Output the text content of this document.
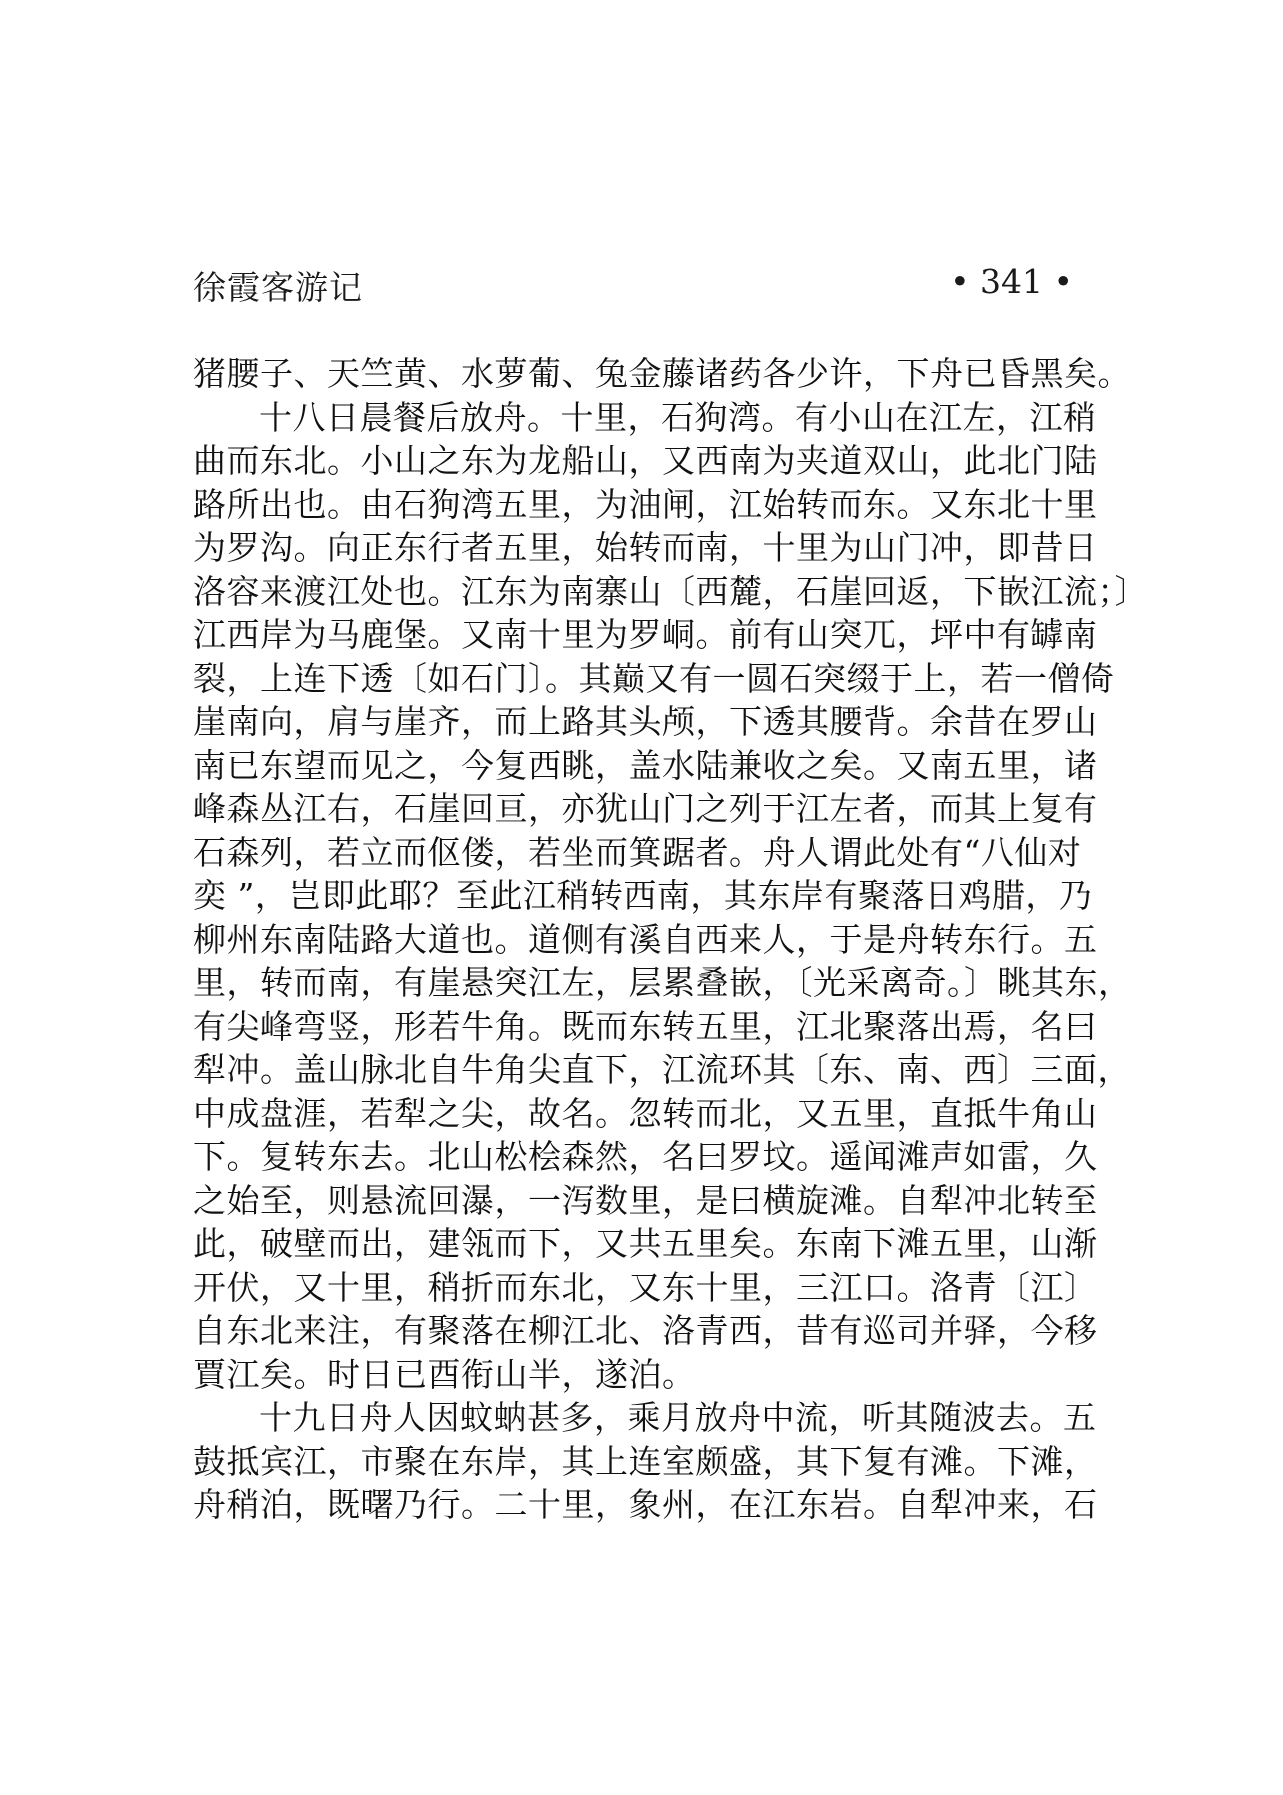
徐霞客游记	• 341 •
猪腰子、天竺黄、水萝葡、兔金藤诸药各少许，下舟已昏黑矣。
十八日晨餐后放舟。十里，石狗湾。有小山在江左，江稍
曲而东北。小山之东为龙船山，又西南为夹道双山，此北门陆
路所出也。由石狗湾五里，为油闸，江始转而东。又东北十里
为罗沟。向正东行者五里，始转而南，十里为山门冲，即昔日
洛容来渡江处也。江东为南寨山〔西麓，石崖回返，下嵌江流；〕
江西岸为马鹿堡。又南十里为罗峒。前有山突兀，坪中有罅南
裂，上连下透〔如石门〕。其巅又有一圆石突缀于上，若一僧倚
崖南向，肩与崖齐，而上路其头颅，下透其腰背。余昔在罗山
南已东望而见之，今复西眺，盖水陆兼收之矣。又南五里，诸
峰森丛江右，石崖回亘，亦犹山门之列于江左者，而其上复有
石森列，若立而伛偻，若坐而箕踞者。舟人谓此处有“八仙对
奕 ”，岂即此耶？至此江稍转西南，其东岸有聚落日鸡腊，乃
柳州东南陆路大道也。道侧有溪自西来人，于是舟转东行。五
里，转而南，有崖悬突江左，层累叠嵌，〔光采离奇。〕眺其东，
有尖峰弯竖，形若牛角。既而东转五里，江北聚落出焉，名曰
犁冲。盖山脉北自牛角尖直下，江流环其〔东、南、西〕三面，
中成盘涯，若犁之尖，故名。忽转而北，又五里，直抵牛角山
下。复转东去。北山松桧森然，名曰罗坟。遥闻滩声如雷，久
之始至，则悬流回瀑，一泻数里，是曰横旋滩。自犁冲北转至
此，破壁而出，建瓴而下，又共五里矣。东南下滩五里，山渐
开伏，又十里，稍折而东北，又东十里，三江口。洛青〔江〕
自东北来注，有聚落在柳江北、洛青西，昔有巡司并驿，今移
賈江矣。时日已酉衔山半，遂泊。
十九日舟人因蚊蚋甚多，乘月放舟中流，听其随波去。五
鼓抵宾江，市聚在东岸，其上连室颇盛，其下复有滩。下滩，
舟稍泊，既曙乃行。二十里，象州，在江东岩。自犁冲来，石
